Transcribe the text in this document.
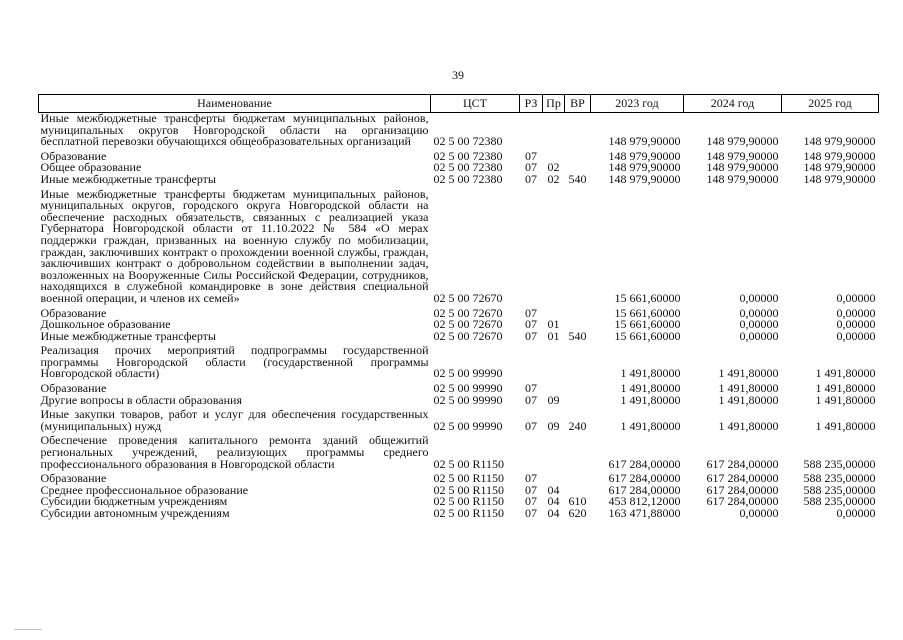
39
Наименование	ЦСТ	РЗ	Пр	ВР	2023 год	2024 год	2025 год
Иные межбюджетные трансферты бюджетам муниципальных районов, муниципальных округов Новгородской области на организацию бесплатной перевозки обучающихся общеобразовательных организаций	02 5 00 72380				148 979,90000	148 979,90000	148 979,90000
Образование	02 5 00 72380	07			148 979,90000	148 979,90000	148 979,90000
Общее образование	02 5 00 72380	07	02		148 979,90000	148 979,90000	148 979,90000
Иные межбюджетные трансферты	02 5 00 72380	07	02	540	148 979,90000	148 979,90000	148 979,90000
Иные межбюджетные трансферты бюджетам муниципальных районов, муниципальных округов, городского округа Новгородской области на обеспечение расходных обязательств, связанных с реализацией указа Губернатора Новгородской области от 11.10.2022 № 584 «О мерах поддержки граждан, призванных на военную службу по мобилизации, граждан, заключивших контракт о прохождении военной службы, граждан, заключивших контракт о добровольном содействии в выполнении задач, возложенных на Вооруженные Силы Российской Федерации, сотрудников, находящихся в служебной командировке в зоне действия специальной военной операции, и членов их семей»	02 5 00 72670				15 661,60000	0,00000	0,00000
Образование	02 5 00 72670	07			15 661,60000	0,00000	0,00000
Дошкольное образование	02 5 00 72670	07	01		15 661,60000	0,00000	0,00000
Иные межбюджетные трансферты	02 5 00 72670	07	01	540	15 661,60000	0,00000	0,00000
Реализация прочих мероприятий подпрограммы государственной программы Новгородской области (государственной программы Новгородской области)	02 5 00 99990				1 491,80000	1 491,80000	1 491,80000
Образование	02 5 00 99990	07			1 491,80000	1 491,80000	1 491,80000
Другие вопросы в области образования	02 5 00 99990	07	09		1 491,80000	1 491,80000	1 491,80000
Иные закупки товаров, работ и услуг для обеспечения государственных (муниципальных) нужд	02 5 00 99990	07	09	240	1 491,80000	1 491,80000	1 491,80000
Обеспечение проведения капитального ремонта зданий общежитий региональных учреждений, реализующих программы среднего профессионального образования в Новгородской области	02 5 00 R1150				617 284,00000	617 284,00000	588 235,00000
Образование	02 5 00 R1150	07			617 284,00000	617 284,00000	588 235,00000
Среднее профессиональное образование	02 5 00 R1150	07	04		617 284,00000	617 284,00000	588 235,00000
Субсидии бюджетным учреждениям	02 5 00 R1150	07	04	610	453 812,12000	617 284,00000	588 235,00000
Субсидии автономным учреждениям	02 5 00 R1150	07	04	620	163 471,88000	0,00000	0,00000
